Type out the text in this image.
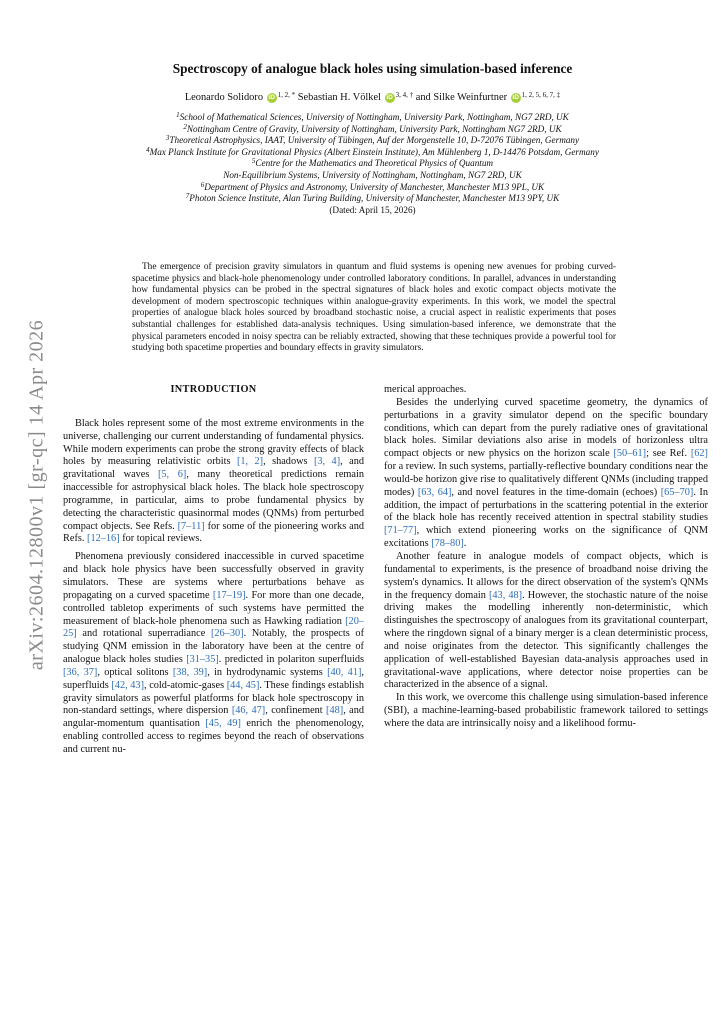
arXiv:2604.12800v1 [gr-qc] 14 Apr 2026
Spectroscopy of analogue black holes using simulation-based inference
Leonardo Solidoro iD $^{1, 2, *}$ Sebastian H. Völkel iD $^{3, 4, \dagger}$ and Silke Weinfurtner iD $^{1, 2, 5, 6, 7, \ddagger}$
$^1$School of Mathematical Sciences, University of Nottingham, University Park, Nottingham, NG7 2RD, UK
$^2$Nottingham Centre of Gravity, University of Nottingham, University Park, Nottingham NG7 2RD, UK
$^3$Theoretical Astrophysics, IAAT, University of Tübingen, Auf der Morgenstelle 10, D-72076 Tübingen, Germany
$^4$Max Planck Institute for Gravitational Physics (Albert Einstein Institute), Am Mühlenberg 1, D-14476 Potsdam, Germany
$^5$Centre for the Mathematics and Theoretical Physics of Quantum
Non-Equilibrium Systems, University of Nottingham, Nottingham, NG7 2RD, UK
$^6$Department of Physics and Astronomy, University of Manchester, Manchester M13 9PL, UK
$^7$Photon Science Institute, Alan Turing Building, University of Manchester, Manchester M13 9PY, UK
(Dated: April 15, 2026)
The emergence of precision gravity simulators in quantum and fluid systems is opening new avenues for probing curved-spacetime physics and black-hole phenomenology under controlled laboratory conditions. In parallel, advances in understanding how fundamental physics can be probed in the spectral signatures of black holes and exotic compact objects motivate the development of modern spectroscopic techniques within analogue-gravity experiments. In this work, we model the spectral properties of analogue black holes sourced by broadband stochastic noise, a crucial aspect in realistic experiments that poses substantial challenges for established data-analysis techniques. Using simulation-based inference, we demonstrate that the physical parameters encoded in noisy spectra can be reliably extracted, showing that these techniques provide a powerful tool for studying both spacetime properties and boundary effects in gravity simulators.
INTRODUCTION

Black holes represent some of the most extreme environments in the universe, challenging our current understanding of fundamental physics. While modern experiments can probe the strong gravity effects of black holes by measuring relativistic orbits [1, 2], shadows [3, 4], and gravitational waves [5, 6], many theoretical predictions remain inaccessible for astrophysical black holes. The black hole spectroscopy programme, in particular, aims to probe fundamental physics by detecting the characteristic quasinormal modes (QNMs) from perturbed compact objects. See Refs. [7–11] for some of the pioneering works and Refs. [12–16] for topical reviews.

Phenomena previously considered inaccessible in curved spacetime and black hole physics have been successfully observed in gravity simulators. These are systems where perturbations behave as propagating on a curved spacetime [17–19]. For more than one decade, controlled tabletop experiments of such systems have permitted the measurement of black-hole phenomena such as Hawking radiation [20–25] and rotational superradiance [26–30]. Notably, the prospects of studying QNM emission in the laboratory have been at the centre of analogue black holes studies [31–35]. predicted in polariton superfluids [36, 37], optical solitons [38, 39], in hydrodynamic systems [40, 41], superfluids [42, 43], cold-atomic-gases [44, 45]. These findings establish gravity simulators as powerful platforms for black hole spectroscopy in non-standard settings, where dispersion [46, 47], confinement [48], and angular-momentum quantisation [45, 49] enrich the phenomenology, enabling controlled access to regimes beyond the reach of observations and current nu-

merical approaches.

Besides the underlying curved spacetime geometry, the dynamics of perturbations in a gravity simulator depend on the specific boundary conditions, which can depart from the purely radiative ones of gravitational black holes. Similar deviations also arise in models of horizonless ultra compact objects or new physics on the horizon scale [50–61]; see Ref. [62] for a review. In such systems, partially-reflective boundary conditions near the would-be horizon give rise to qualitatively different QNMs (including trapped modes) [63, 64], and novel features in the time-domain (echoes) [65–70]. In addition, the impact of perturbations in the scattering potential in the exterior of the black hole has recently received attention in spectral stability studies [71–77], which extend pioneering works on the significance of QNM excitations [78–80].

Another feature in analogue models of compact objects, which is fundamental to experiments, is the presence of broadband noise driving the system's dynamics. It allows for the direct observation of the system's QNMs in the frequency domain [43, 48]. However, the stochastic nature of the noise driving makes the modelling inherently non-deterministic, which distinguishes the spectroscopy of analogues from its gravitational counterpart, where the ringdown signal of a binary merger is a clean deterministic process, and noise originates from the detector. This significantly challenges the application of well-established Bayesian data-analysis approaches used in gravitational-wave applications, where detector noise properties can be characterized in the absence of a signal.

In this work, we overcome this challenge using simulation-based inference (SBI), a machine-learning-based probabilistic framework tailored to settings where the data are intrinsically noisy and a likelihood formu-
